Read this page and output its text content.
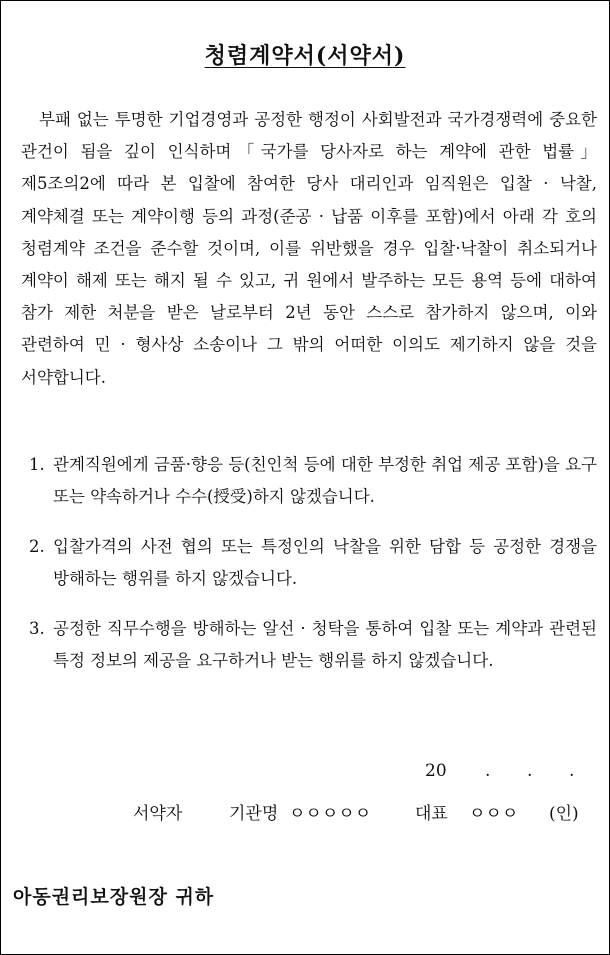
청렴계약서(서약서)
부패 없는 투명한 기업경영과 공정한 행정이 사회발전과 국가경쟁력에 중요한 관건이 됨을 깊이 인식하며「국가를 당사자로 하는 계약에 관한 법률」제5조의2에 따라 본 입찰에 참여한 당사 대리인과 임직원은 입찰 · 낙찰, 계약체결 또는 계약이행 등의 과정(준공 · 납품 이후를 포함)에서 아래 각 호의 청렴계약 조건을 준수할 것이며, 이를 위반했을 경우 입찰·낙찰이 취소되거나 계약이 해제 또는 해지 될 수 있고, 귀 원에서 발주하는 모든 용역 등에 대하여 참가 제한 처분을 받은 날로부터 2년 동안 스스로 참가하지 않으며, 이와 관련하여 민 · 형사상 소송이나 그 밖의 어떠한 이의도 제기하지 않을 것을 서약합니다.
1. 관계직원에게 금품·향응 등(친인척 등에 대한 부정한 취업 제공 포함)을 요구 또는 약속하거나 수수(授受)하지 않겠습니다.
2. 입찰가격의 사전 협의 또는 특정인의 낙찰을 위한 담합 등 공정한 경쟁을 방해하는 행위를 하지 않겠습니다.
3. 공정한 직무수행을 방해하는 알선 · 청탁을 통하여 입찰 또는 계약과 관련된 특정 정보의 제공을 요구하거나 받는 행위를 하지 않겠습니다.
20	.	.	.
서약자	기관명 ㅇㅇㅇㅇㅇ	대표 ㅇㅇㅇ (인)
아동권리보장원장 귀하
